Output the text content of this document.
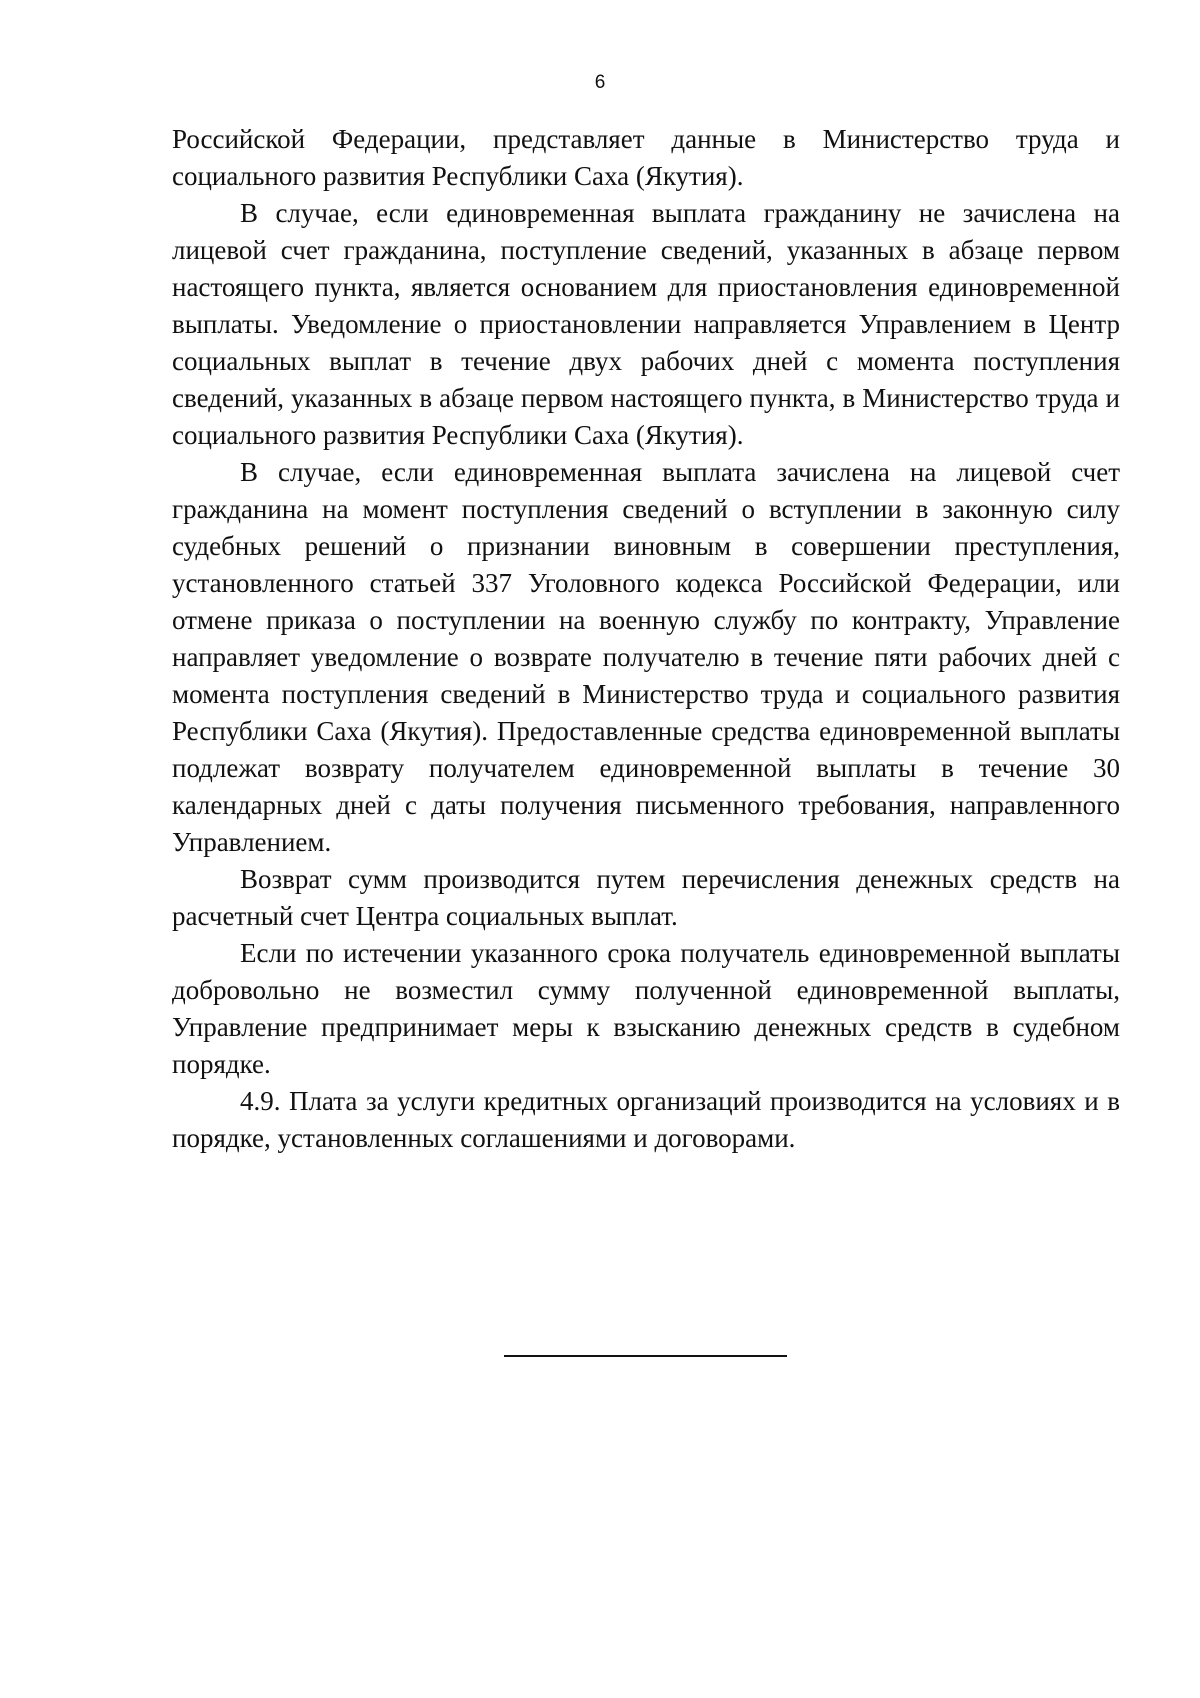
6

Российской Федерации, представляет данные в Министерство труда и социального развития Республики Саха (Якутия).

В случае, если единовременная выплата гражданину не зачислена на лицевой счет гражданина, поступление сведений, указанных в абзаце первом настоящего пункта, является основанием для приостановления единовременной выплаты. Уведомление о приостановлении направляется Управлением в Центр социальных выплат в течение двух рабочих дней с момента поступления сведений, указанных в абзаце первом настоящего пункта, в Министерство труда и социального развития Республики Саха (Якутия).

В случае, если единовременная выплата зачислена на лицевой счет гражданина на момент поступления сведений о вступлении в законную силу судебных решений о признании виновным в совершении преступления, установленного статьей 337 Уголовного кодекса Российской Федерации, или отмене приказа о поступлении на военную службу по контракту, Управление направляет уведомление о возврате получателю в течение пяти рабочих дней с момента поступления сведений в Министерство труда и социального развития Республики Саха (Якутия). Предоставленные средства единовременной выплаты подлежат возврату получателем единовременной выплаты в течение 30 календарных дней с даты получения письменного требования, направленного Управлением.

Возврат сумм производится путем перечисления денежных средств на расчетный счет Центра социальных выплат.

Если по истечении указанного срока получатель единовременной выплаты добровольно не возместил сумму полученной единовременной выплаты, Управление предпринимает меры к взысканию денежных средств в судебном порядке.

4.9. Плата за услуги кредитных организаций производится на условиях и в порядке, установленных соглашениями и договорами.
